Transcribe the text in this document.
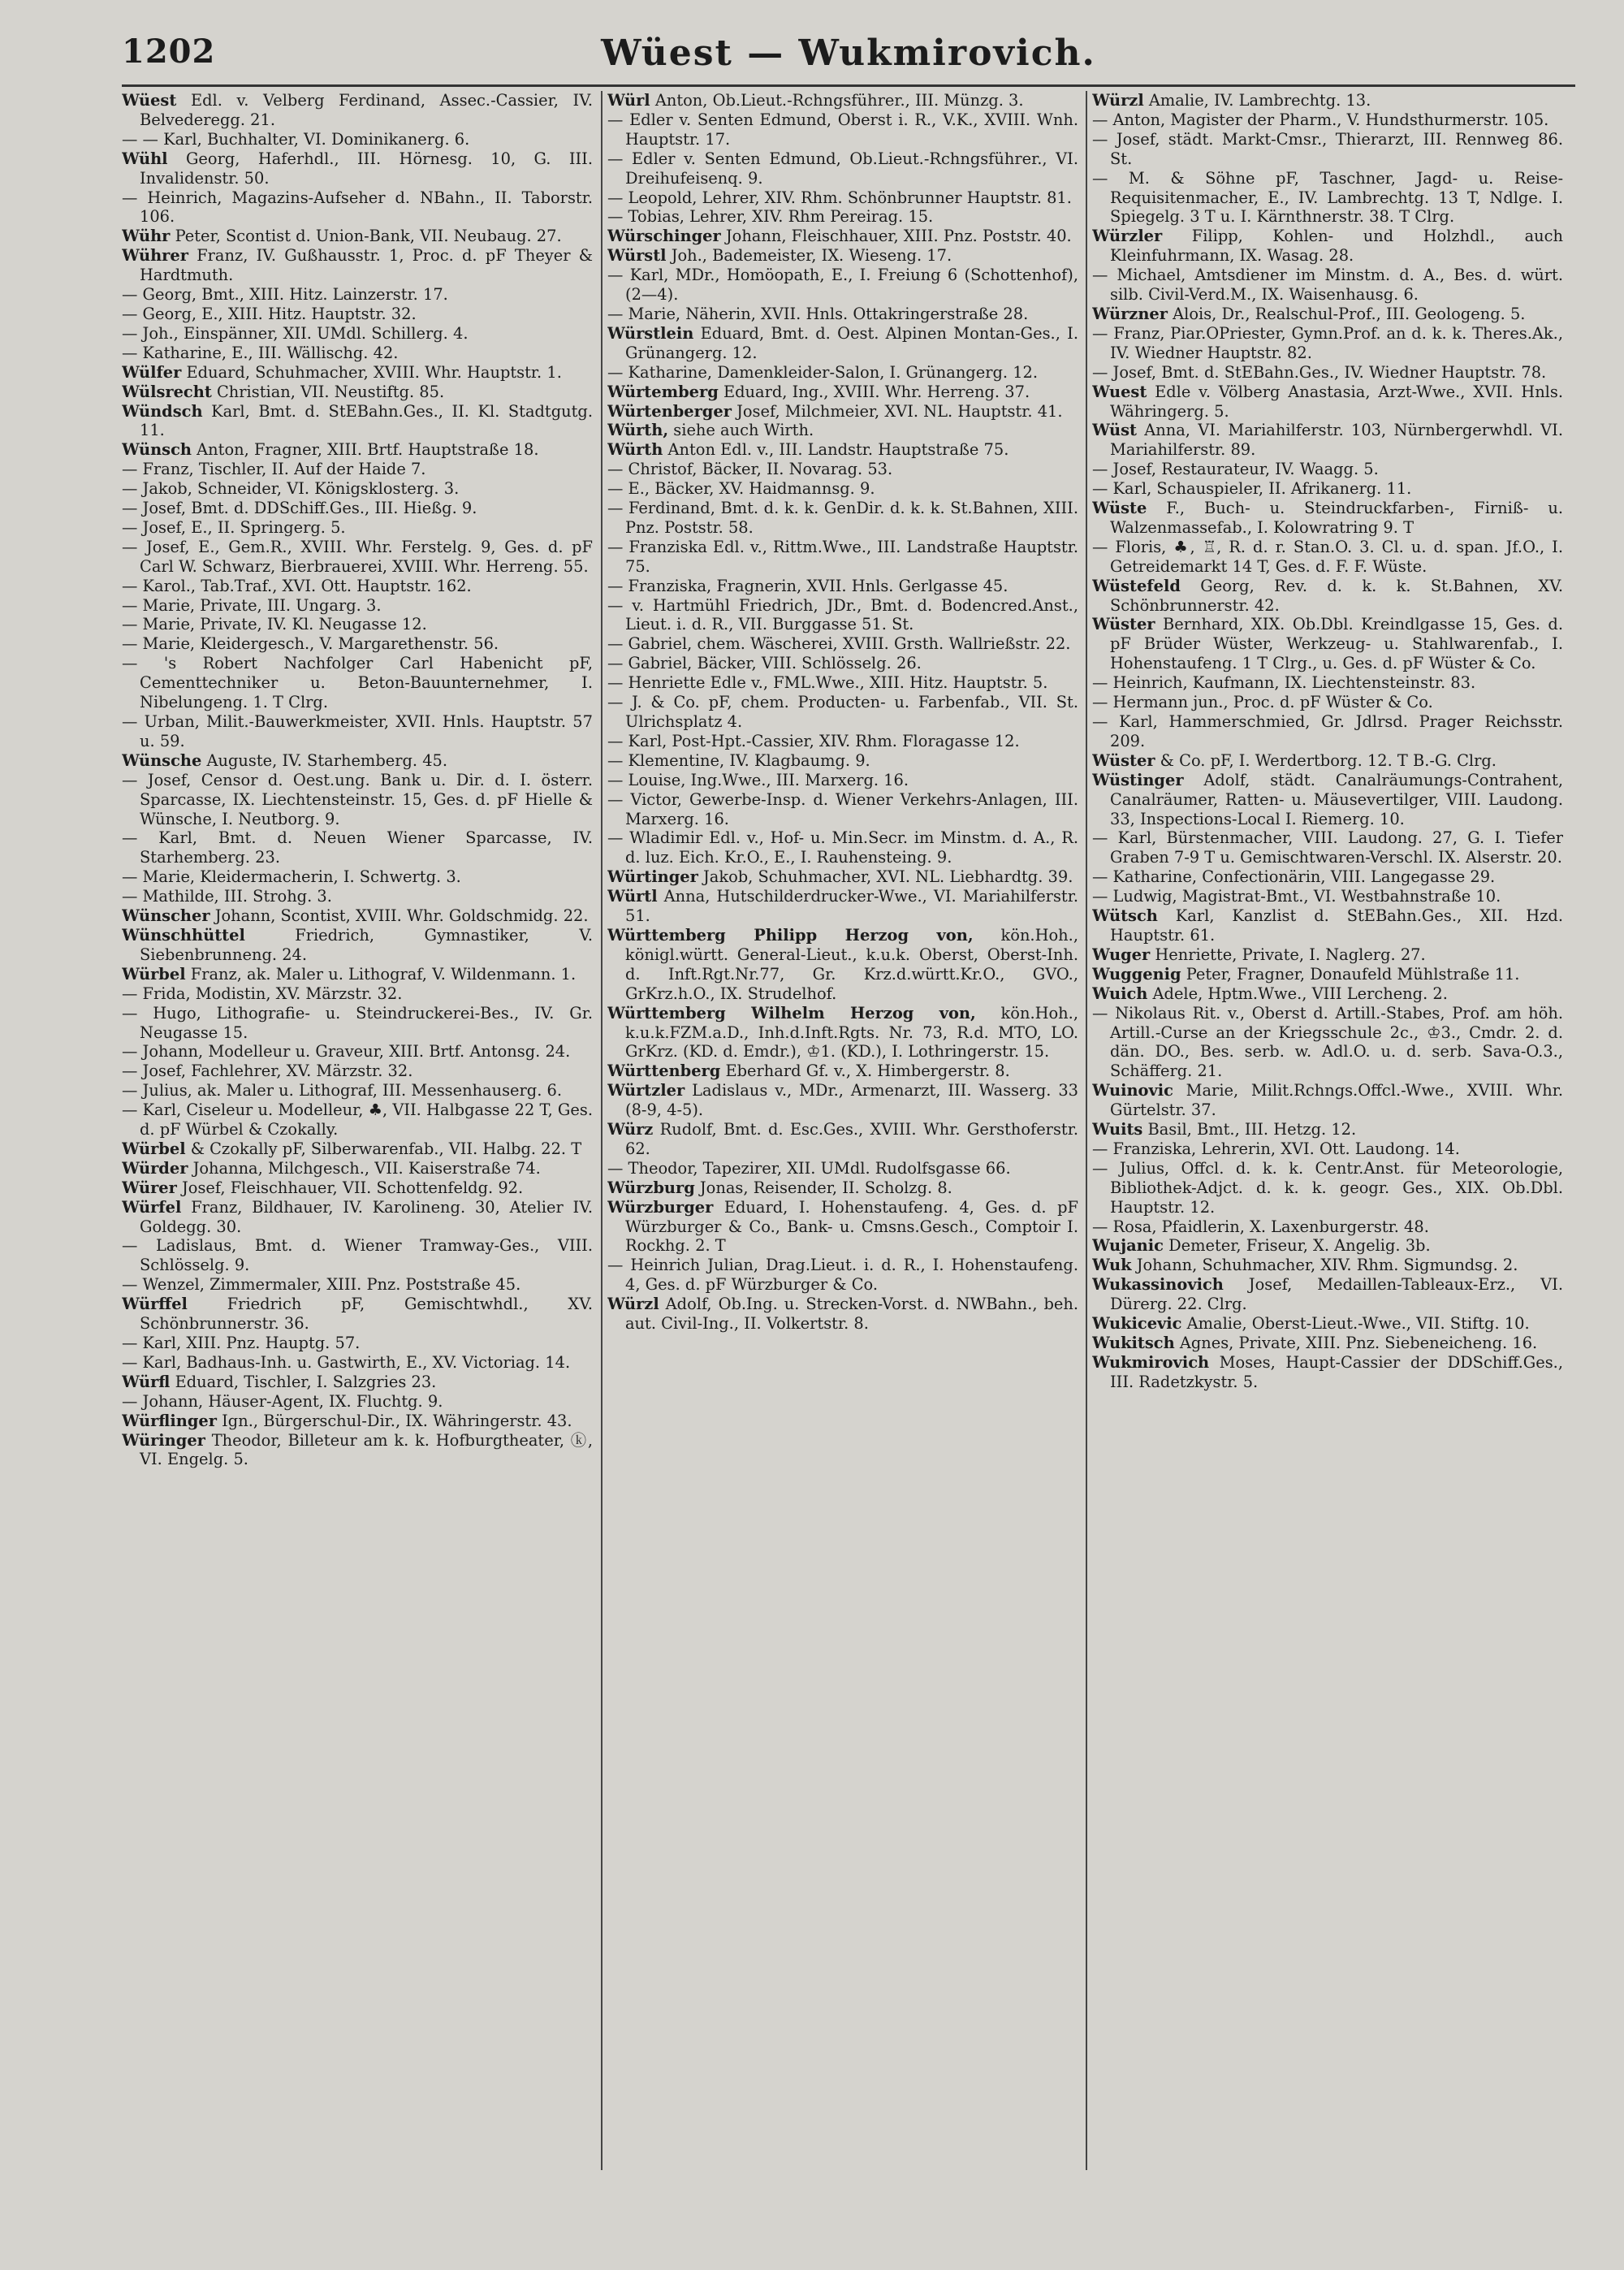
1202	Wüest — Wukmirovich.

Wüest Edl. v. Velberg Ferdinand, Assec.-Cassier, IV. Belvederegg. 21.

— — Karl, Buchhalter, VI. Dominikanerg. 6.

Wühl Georg, Haferhdl., III. Hörnesg. 10, G. III. Invalidenstr. 50.

— Heinrich, Magazins-Aufseher d. NBahn., II. Taborstr. 106.

Wühr Peter, Scontist d. Union-Bank, VII. Neubaug. 27.

Wührer Franz, IV. Gußhausstr. 1, Proc. d. pF Theyer & Hardtmuth.

— Georg, Bmt., XIII. Hitz. Lainzerstr. 17.

— Georg, E., XIII. Hitz. Hauptstr. 32.

— Joh., Einspänner, XII. UMdl. Schillerg. 4.

— Katharine, E., III. Wällischg. 42.

Wülfer Eduard, Schuhmacher, XVIII. Whr. Hauptstr. 1.

Wülsrecht Christian, VII. Neustiftg. 85.

Wündsch Karl, Bmt. d. StEBahn.Ges., II. Kl. Stadtgutg. 11.

Wünsch Anton, Fragner, XIII. Brtf. Hauptstraße 18.

— Franz, Tischler, II. Auf der Haide 7.

— Jakob, Schneider, VI. Königsklosterg. 3.

— Josef, Bmt. d. DDSchiff.Ges., III. Hießg. 9.

— Josef, E., II. Springerg. 5.

— Josef, E., Gem.R., XVIII. Whr. Ferstelg. 9, Ges. d. pF Carl W. Schwarz, Bierbrauerei, XVIII. Whr. Herreng. 55.

— Karol., Tab.Traf., XVI. Ott. Hauptstr. 162.

— Marie, Private, III. Ungarg. 3.

— Marie, Private, IV. Kl. Neugasse 12.

— Marie, Kleidergesch., V. Margarethenstr. 56.

— 's Robert Nachfolger Carl Habenicht pF, Cementtechniker u. Beton-Bauunternehmer, I. Nibelungeng. 1. T Clrg.

— Urban, Milit.-Bauwerkmeister, XVII. Hnls. Hauptstr. 57 u. 59.

Wünsche Auguste, IV. Starhemberg. 45.

— Josef, Censor d. Oest.ung. Bank u. Dir. d. I. österr. Sparcasse, IX. Liechtensteinstr. 15, Ges. d. pF Hielle & Wünsche, I. Neutborg. 9.

— Karl, Bmt. d. Neuen Wiener Sparcasse, IV. Starhemberg. 23.

— Marie, Kleidermacherin, I. Schwertg. 3.

— Mathilde, III. Strohg. 3.

Wünscher Johann, Scontist, XVIII. Whr. Goldschmidg. 22.

Wünschhüttel Friedrich, Gymnastiker, V. Siebenbrunneng. 24.

Würbel Franz, ak. Maler u. Lithograf, V. Wildenmann. 1.

— Frida, Modistin, XV. Märzstr. 32.

— Hugo, Lithografie- u. Steindruckerei-Bes., IV. Gr. Neugasse 15.

— Johann, Modelleur u. Graveur, XIII. Brtf. Antonsg. 24.

— Josef, Fachlehrer, XV. Märzstr. 32.

— Julius, ak. Maler u. Lithograf, III. Messenhauserg. 6.

— Karl, Ciseleur u. Modelleur, ♣, VII. Halbgasse 22 T, Ges. d. pF Würbel & Czokally.

Würbel & Czokally pF, Silberwarenfab., VII. Halbg. 22. T

Würder Johanna, Milchgesch., VII. Kaiserstraße 74.

Würer Josef, Fleischhauer, VII. Schottenfeldg. 92.

Würfel Franz, Bildhauer, IV. Karolineng. 30, Atelier IV. Goldegg. 30.

— Ladislaus, Bmt. d. Wiener Tramway-Ges., VIII. Schlösselg. 9.

— Wenzel, Zimmermaler, XIII. Pnz. Poststraße 45.

Würffel Friedrich pF, Gemischtwhdl., XV. Schönbrunnerstr. 36.

— Karl, XIII. Pnz. Hauptg. 57.

— Karl, Badhaus-Inh. u. Gastwirth, E., XV. Victoriag. 14.

Würfl Eduard, Tischler, I. Salzgries 23.

— Johann, Häuser-Agent, IX. Fluchtg. 9.

Würflinger Ign., Bürgerschul-Dir., IX. Währingerstr. 43.

Würinger Theodor, Billeteur am k. k. Hofburgtheater, ⓚ, VI. Engelg. 5.

Würl Anton, Ob.Lieut.-Rchngsführer., III. Münzg. 3.

— Edler v. Senten Edmund, Oberst i. R., V.K., XVIII. Wnh. Hauptstr. 17.

— Edler v. Senten Edmund, Ob.Lieut.-Rchngsführer., VI. Dreihufeisenq. 9.

— Leopold, Lehrer, XIV. Rhm. Schönbrunner Hauptstr. 81.

— Tobias, Lehrer, XIV. Rhm Pereirag. 15.

Würschinger Johann, Fleischhauer, XIII. Pnz. Poststr. 40.

Würstl Joh., Bademeister, IX. Wieseng. 17.

— Karl, MDr., Homöopath, E., I. Freiung 6 (Schottenhof), (2—4).

— Marie, Näherin, XVII. Hnls. Ottakringerstraße 28.

Würstlein Eduard, Bmt. d. Oest. Alpinen Montan-Ges., I. Grünangerg. 12.

— Katharine, Damenkleider-Salon, I. Grünangerg. 12.

Würtemberg Eduard, Ing., XVIII. Whr. Herreng. 37.

Würtenberger Josef, Milchmeier, XVI. NL. Hauptstr. 41.

Würth, siehe auch Wirth.

Würth Anton Edl. v., III. Landstr. Hauptstraße 75.

— Christof, Bäcker, II. Novarag. 53.

— E., Bäcker, XV. Haidmannsg. 9.

— Ferdinand, Bmt. d. k. k. GenDir. d. k. k. St.Bahnen, XIII. Pnz. Poststr. 58.

— Franziska Edl. v., Rittm.Wwe., III. Landstraße Hauptstr. 75.

— Franziska, Fragnerin, XVII. Hnls. Gerlgasse 45.

— v. Hartmühl Friedrich, JDr., Bmt. d. Bodencred.Anst., Lieut. i. d. R., VII. Burggasse 51. St.

— Gabriel, chem. Wäscherei, XVIII. Grsth. Wallrießstr. 22.

— Gabriel, Bäcker, VIII. Schlösselg. 26.

— Henriette Edle v., FML.Wwe., XIII. Hitz. Hauptstr. 5.

— J. & Co. pF, chem. Producten- u. Farbenfab., VII. St. Ulrichsplatz 4.

— Karl, Post-Hpt.-Cassier, XIV. Rhm. Floragasse 12.

— Klementine, IV. Klagbaumg. 9.

— Louise, Ing.Wwe., III. Marxerg. 16.

— Victor, Gewerbe-Insp. d. Wiener Verkehrs-Anlagen, III. Marxerg. 16.

— Wladimir Edl. v., Hof- u. Min.Secr. im Minstm. d. A., R. d. luz. Eich. Kr.O., E., I. Rauhensteing. 9.

Würtinger Jakob, Schuhmacher, XVI. NL. Liebhardtg. 39.

Würtl Anna, Hutschilderdrucker-Wwe., VI. Mariahilferstr. 51.

Württemberg Philipp Herzog von, kön.Hoh., königl.württ. General-Lieut., k.u.k. Oberst, Oberst-Inh. d. Inft.Rgt.Nr.77, Gr. Krz.d.württ.Kr.O., GVO., GrKrz.h.O., IX. Strudelhof.

Württemberg Wilhelm Herzog von, kön.Hoh., k.u.k.FZM.a.D., Inh.d.Inft.Rgts. Nr. 73, R.d. MTO, LO. GrKrz. (KD. d. Emdr.), ♔1. (KD.), I. Lothringerstr. 15.

Württenberg Eberhard Gf. v., X. Himbergerstr. 8.

Würtzler Ladislaus v., MDr., Armenarzt, III. Wasserg. 33 (8-9, 4-5).

Würz Rudolf, Bmt. d. Esc.Ges., XVIII. Whr. Gersthoferstr. 62.

— Theodor, Tapezirer, XII. UMdl. Rudolfsgasse 66.

Würzburg Jonas, Reisender, II. Scholzg. 8.

Würzburger Eduard, I. Hohenstaufeng. 4, Ges. d. pF Würzburger & Co., Bank- u. Cmsns.Gesch., Comptoir I. Rockhg. 2. T

— Heinrich Julian, Drag.Lieut. i. d. R., I. Hohenstaufeng. 4, Ges. d. pF Würzburger & Co.

Würzl Adolf, Ob.Ing. u. Strecken-Vorst. d. NWBahn., beh. aut. Civil-Ing., II. Volkertstr. 8.

Würzl Amalie, IV. Lambrechtg. 13.

— Anton, Magister der Pharm., V. Hundsthurmerstr. 105.

— Josef, städt. Markt-Cmsr., Thierarzt, III. Rennweg 86. St.

— M. & Söhne pF, Taschner, Jagd- u. Reise-Requisitenmacher, E., IV. Lambrechtg. 13 T, Ndlge. I. Spiegelg. 3 T u. I. Kärnthnerstr. 38. T Clrg.

Würzler Filipp, Kohlen- und Holzhdl., auch Kleinfuhrmann, IX. Wasag. 28.

— Michael, Amtsdiener im Minstm. d. A., Bes. d. würt. silb. Civil-Verd.M., IX. Waisenhausg. 6.

Würzner Alois, Dr., Realschul-Prof., III. Geologeng. 5.

— Franz, Piar.OPriester, Gymn.Prof. an d. k. k. Theres.Ak., IV. Wiedner Hauptstr. 82.

— Josef, Bmt. d. StEBahn.Ges., IV. Wiedner Hauptstr. 78.

Wuest Edle v. Völberg Anastasia, Arzt-Wwe., XVII. Hnls. Währingerg. 5.

Wüst Anna, VI. Mariahilferstr. 103, Nürnbergerwhdl. VI. Mariahilferstr. 89.

— Josef, Restaurateur, IV. Waagg. 5.

— Karl, Schauspieler, II. Afrikanerg. 11.

Wüste F., Buch- u. Steindruckfarben-, Firniß- u. Walzenmassefab., I. Kolowratring 9. T

— Floris, ♣, ♖, R. d. r. Stan.O. 3. Cl. u. d. span. Jf.O., I. Getreidemarkt 14 T, Ges. d. F. F. Wüste.

Wüstefeld Georg, Rev. d. k. k. St.Bahnen, XV. Schönbrunnerstr. 42.

Wüster Bernhard, XIX. Ob.Dbl. Kreindlgasse 15, Ges. d. pF Brüder Wüster, Werkzeug- u. Stahlwarenfab., I. Hohenstaufeng. 1 T Clrg., u. Ges. d. pF Wüster & Co.

— Heinrich, Kaufmann, IX. Liechtensteinstr. 83.

— Hermann jun., Proc. d. pF Wüster & Co.

— Karl, Hammerschmied, Gr. Jdlrsd. Prager Reichsstr. 209.

Wüster & Co. pF, I. Werdertborg. 12. T B.-G. Clrg.

Wüstinger Adolf, städt. Canalräumungs-Contrahent, Canalräumer, Ratten- u. Mäusevertilger, VIII. Laudong. 33, Inspections-Local I. Riemerg. 10.

— Karl, Bürstenmacher, VIII. Laudong. 27, G. I. Tiefer Graben 7-9 T u. Gemischtwaren-Verschl. IX. Alserstr. 20.

— Katharine, Confectionärin, VIII. Langegasse 29.

— Ludwig, Magistrat-Bmt., VI. Westbahnstraße 10.

Wütsch Karl, Kanzlist d. StEBahn.Ges., XII. Hzd. Hauptstr. 61.

Wuger Henriette, Private, I. Naglerg. 27.

Wuggenig Peter, Fragner, Donaufeld Mühlstraße 11.

Wuich Adele, Hptm.Wwe., VIII Lercheng. 2.

— Nikolaus Rit. v., Oberst d. Artill.-Stabes, Prof. am höh. Artill.-Curse an der Kriegsschule 2c., ♔3., Cmdr. 2. d. dän. DO., Bes. serb. w. Adl.O. u. d. serb. Sava-O.3., Schäfferg. 21.

Wuinovic Marie, Milit.Rchngs.Offcl.-Wwe., XVIII. Whr. Gürtelstr. 37.

Wuits Basil, Bmt., III. Hetzg. 12.

— Franziska, Lehrerin, XVI. Ott. Laudong. 14.

— Julius, Offcl. d. k. k. Centr.Anst. für Meteorologie, Bibliothek-Adjct. d. k. k. geogr. Ges., XIX. Ob.Dbl. Hauptstr. 12.

— Rosa, Pfaidlerin, X. Laxenburgerstr. 48.

Wujanic Demeter, Friseur, X. Angelig. 3b.

Wuk Johann, Schuhmacher, XIV. Rhm. Sigmundsg. 2.

Wukassinovich Josef, Medaillen-Tableaux-Erz., VI. Dürerg. 22. Clrg.

Wukicevic Amalie, Oberst-Lieut.-Wwe., VII. Stiftg. 10.

Wukitsch Agnes, Private, XIII. Pnz. Siebeneicheng. 16.

Wukmirovich Moses, Haupt-Cassier der DDSchiff.Ges., III. Radetzkystr. 5.
